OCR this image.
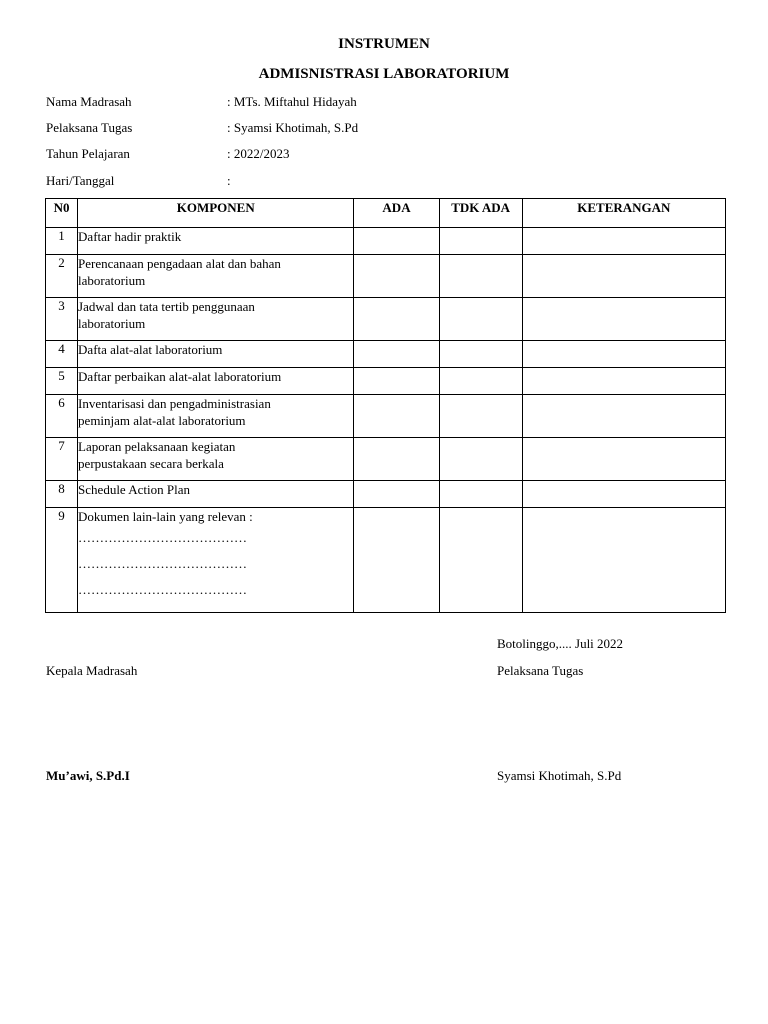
INSTRUMEN
ADMISNISTRASI LABORATORIUM
Nama Madrasah	: MTs. Miftahul Hidayah
Pelaksana Tugas	: Syamsi Khotimah, S.Pd
Tahun Pelajaran	: 2022/2023
Hari/Tanggal	:
N0	KOMPONEN	ADA	TDK ADA	KETERANGAN
1	Daftar hadir praktik			

2	Perencanaan pengadaan alat dan bahan
laboratorium			

3	Jadwal dan tata tertib penggunaan
laboratorium			

4	Dafta alat-alat laboratorium			

5	Daftar perbaikan alat-alat laboratorium			

6	Inventarisasi dan pengadministrasian
peminjam alat-alat laboratorium			

7	Laporan pelaksanaan kegiatan
perpustakaan secara berkala			

8	Schedule Action Plan			

9	Dokumen lain-lain yang relevan :
…………………………………
…………………………………
…………………………………			

Botolinggo,.... Juli 2022
Kepala Madrasah	Pelaksana Tugas
Mu’awi, S.Pd.I	Syamsi Khotimah, S.Pd
